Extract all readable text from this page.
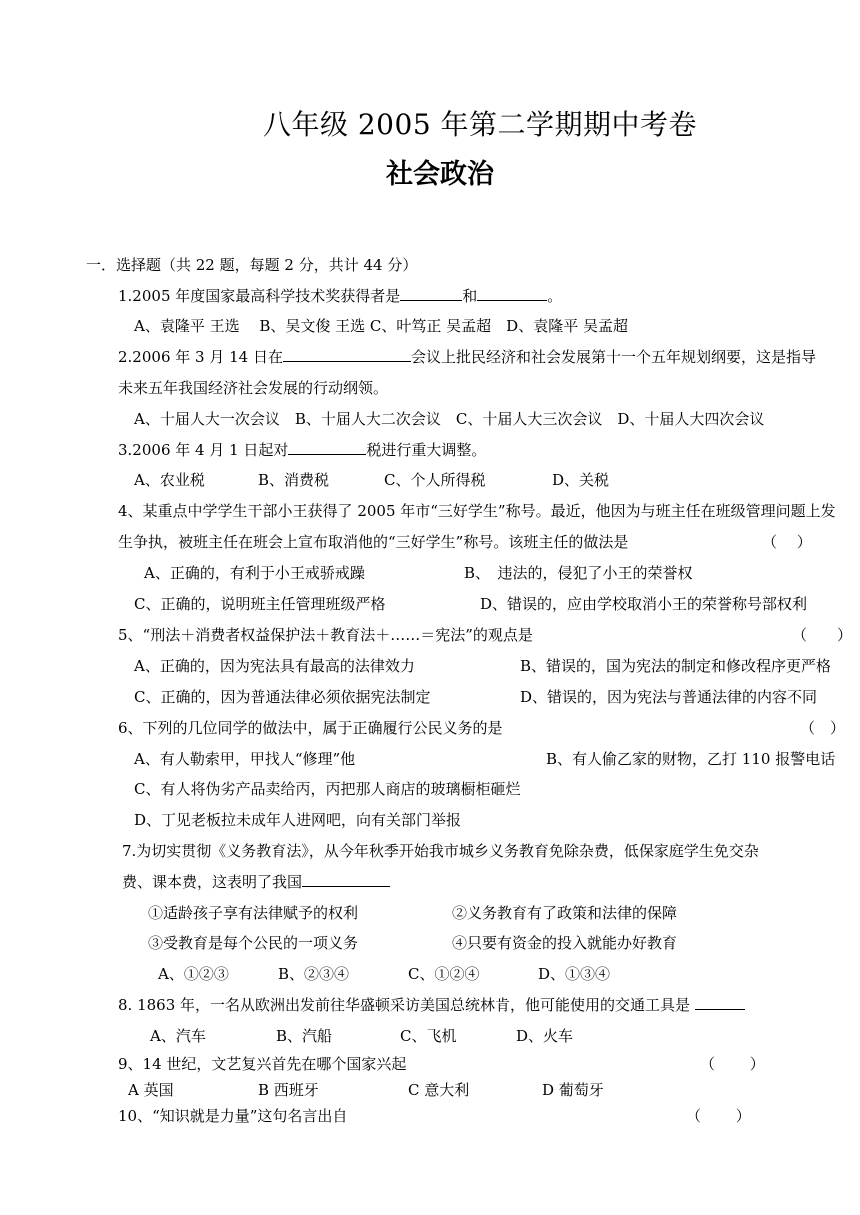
八年级 2005 年第二学期期中考卷
社会政治
一．选择题（共 22 题，每题 2 分，共计 44 分）
1.2005 年度国家最高科学技术奖获得者是	和	。
A、袁隆平 王选 　B、吴文俊 王选 C、叶笃正 吴孟超　D、袁隆平 吴孟超
2.2006 年 3 月 14 日在	会议上批民经济和社会发展第十一个五年规划纲要，这是指导
未来五年我国经济社会发展的行动纲领。
A、十届人大一次会议　B、十届人大二次会议　C、十届人大三次会议　D、十届人大四次会议
3.2006 年 4 月 1 日起对	税进行重大调整。
A、农业税	B、消费税	C、个人所得税	D、关税
4、某重点中学学生干部小王获得了 2005 年市“三好学生”称号。最近，他因为与班主任在班级管理问题上发
生争执，被班主任在班会上宣布取消他的“三好学生”称号。该班主任的做法是	（　 ）
A、正确的，有利于小王戒骄戒躁	B、　违法的，侵犯了小王的荣誉权
C、正确的，说明班主任管理班级严格	D、错误的，应由学校取消小王的荣誉称号部权利
5、“刑法＋消费者权益保护法＋教育法＋……＝宪法”的观点是	（　　）
A、正确的，因为宪法具有最高的法律效力	B、错误的，国为宪法的制定和修改程序更严格
C、正确的，因为普通法律必须依据宪法制定	D、错误的，因为宪法与普通法律的内容不同
6、下列的几位同学的做法中，属于正确履行公民义务的是	（　）
A、有人勒索甲，甲找人“修理”他	B、有人偷乙家的财物，乙打 110 报警电话
C、有人将伪劣产品卖给丙，丙把那人商店的玻璃橱柜砸烂
D、丁见老板拉未成年人进网吧，向有关部门举报
7.为切实贯彻《义务教育法》，从今年秋季开始我市城乡义务教育免除杂费，低保家庭学生免交杂
费、课本费，这表明了我国
①适龄孩子享有法律赋予的权利	②义务教育有了政策和法律的保障
③受教育是每个公民的一项义务	④只要有资金的投入就能办好教育
A、①②③	B、②③④	C、①②④	D、①③④
8. 1863 年，一名从欧洲出发前往华盛顿采访美国总统林肯，他可能使用的交通工具是
A、汽车	B、汽船	C、飞机	D、火车
9、14 世纪，文艺复兴首先在哪个国家兴起	（　　 ）
A 英国	B 西班牙	C 意大利	D 葡萄牙
10、“知识就是力量”这句名言出自	（　　 ）
